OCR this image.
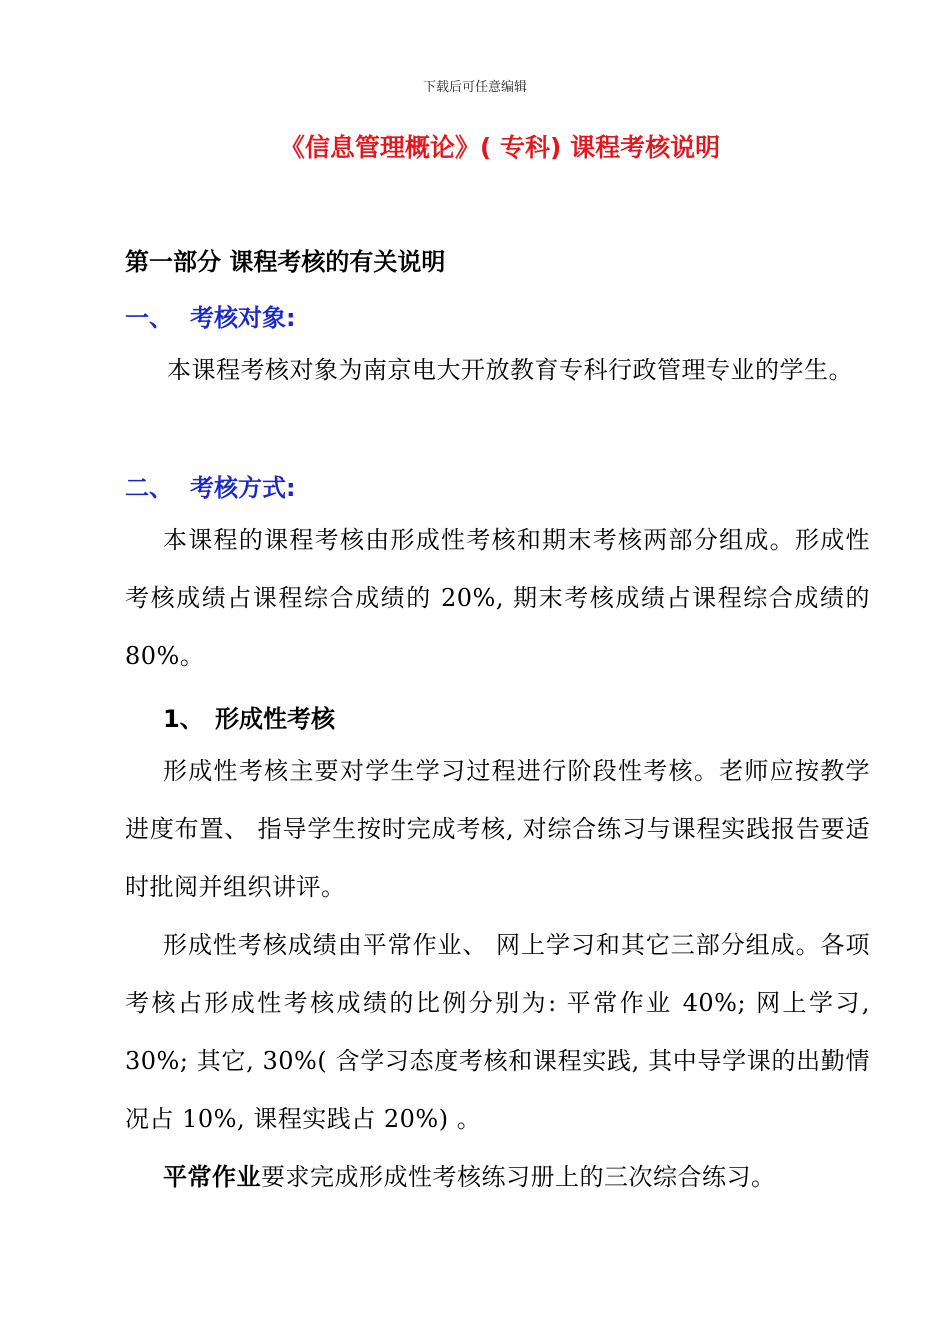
下载后可任意编辑
《信息管理概论》( 专科) 课程考核说明
第一部分 课程考核的有关说明
一、 考核对象:
本课程考核对象为南京电大开放教育专科行政管理专业的学生。
二、 考核方式:
本课程的课程考核由形成性考核和期末考核两部分组成。形成性考核成绩占课程综合成绩的 20%, 期末考核成绩占课程综合成绩的 80%。
1、 形成性考核
形成性考核主要对学生学习过程进行阶段性考核。老师应按教学进度布置、 指导学生按时完成考核, 对综合练习与课程实践报告要适时批阅并组织讲评。
形成性考核成绩由平常作业、 网上学习和其它三部分组成。各项考核占形成性考核成绩的比例分别为: 平常作业 40%; 网上学习, 30%; 其它, 30%( 含学习态度考核和课程实践, 其中导学课的出勤情况占 10%, 课程实践占 20%) 。
平常作业要求完成形成性考核练习册上的三次综合练习。
